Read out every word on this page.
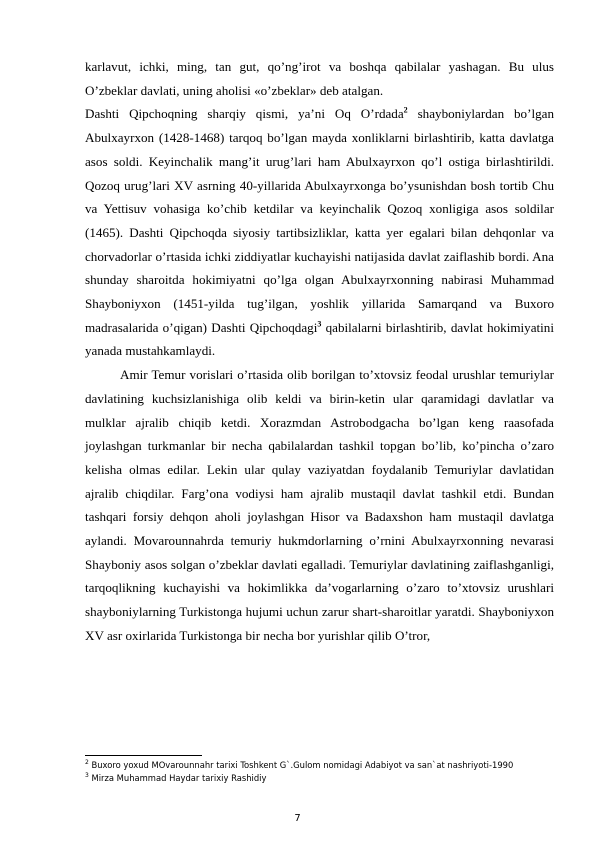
karlavut, ichki, ming, tan gut, qo’ng’irot va boshqa qabilalar yashagan. Bu ulus O’zbeklar davlati, uning aholisi «o’zbeklar» deb atalgan.

Dashti Qipchoqning sharqiy qismi, ya’ni Oq O’rdada$^2$ shayboniylardan bo’lgan Abulxayrxon (1428-1468) tarqoq bo’lgan mayda xonliklarni birlashtirib, katta davlatga asos soldi. Keyinchalik mang’it urug’lari ham Abulxayrxon qo’l ostiga birlashtirildi. Qozoq urug’lari XV asrning 40-yillarida Abulxayrxonga bo’ysunishdan bosh tortib Chu va Yettisuv vohasiga ko’chib ketdilar va keyinchalik Qozoq xonligiga asos soldilar (1465). Dashti Qipchoqda siyosiy tartibsizliklar, katta yer egalari bilan dehqonlar va chorvadorlar o’rtasida ichki ziddiyatlar kuchayishi natijasida davlat zaiflashib bordi. Ana shunday sharoitda hokimiyatni qo’lga olgan Abulxayrxonning nabirasi Muhammad Shayboniyxon (1451-yilda tug’ilgan, yoshlik yillarida Samarqand va Buxoro madrasalarida o’qigan) Dashti Qipchoqdagi$^3$ qabilalarni birlashtirib, davlat hokimiyatini yanada mustahkamlaydi.

Amir Temur vorislari o’rtasida olib borilgan to’xtovsiz feodal urushlar temuriylar davlatining kuchsizlanishiga olib keldi va birin-ketin ular qaramidagi davlatlar va mulklar ajralib chiqib ketdi. Xorazmdan Astrobodgacha bo’lgan keng raasofada joylashgan turkmanlar bir necha qabilalardan tashkil topgan bo’lib, ko’pincha o’zaro kelisha olmas edilar. Lekin ular qulay vaziyatdan foydalanib Temuriylar davlatidan ajralib chiqdilar. Farg’ona vodiysi ham ajralib mustaqil davlat tashkil etdi. Bundan tashqari forsiy dehqon aholi joylashgan Hisor va Badaxshon ham mustaqil davlatga aylandi. Movarounnahrda temuriy hukmdorlarning o’rnini Abulxayrxonning nevarasi Shayboniy asos solgan o’zbeklar davlati egalladi. Temuriylar davlatining zaiflashganligi, tarqoqlikning kuchayishi va hokimlikka da’vogarlarning o’zaro to’xtovsiz urushlari shayboniylarning Turkistonga hujumi uchun zarur shart-sharoitlar yaratdi. Shayboniyxon XV asr oxirlarida Turkistonga bir necha bor yurishlar qilib O’tror,

$^2$ Buxoro yoxud MOvarounnahr tarixi Toshkent G`.Gulom nomidagi Adabiyot va san`at nashriyoti-1990

$^3$ Mirza Muhammad Haydar tarixiy Rashidiy

7
